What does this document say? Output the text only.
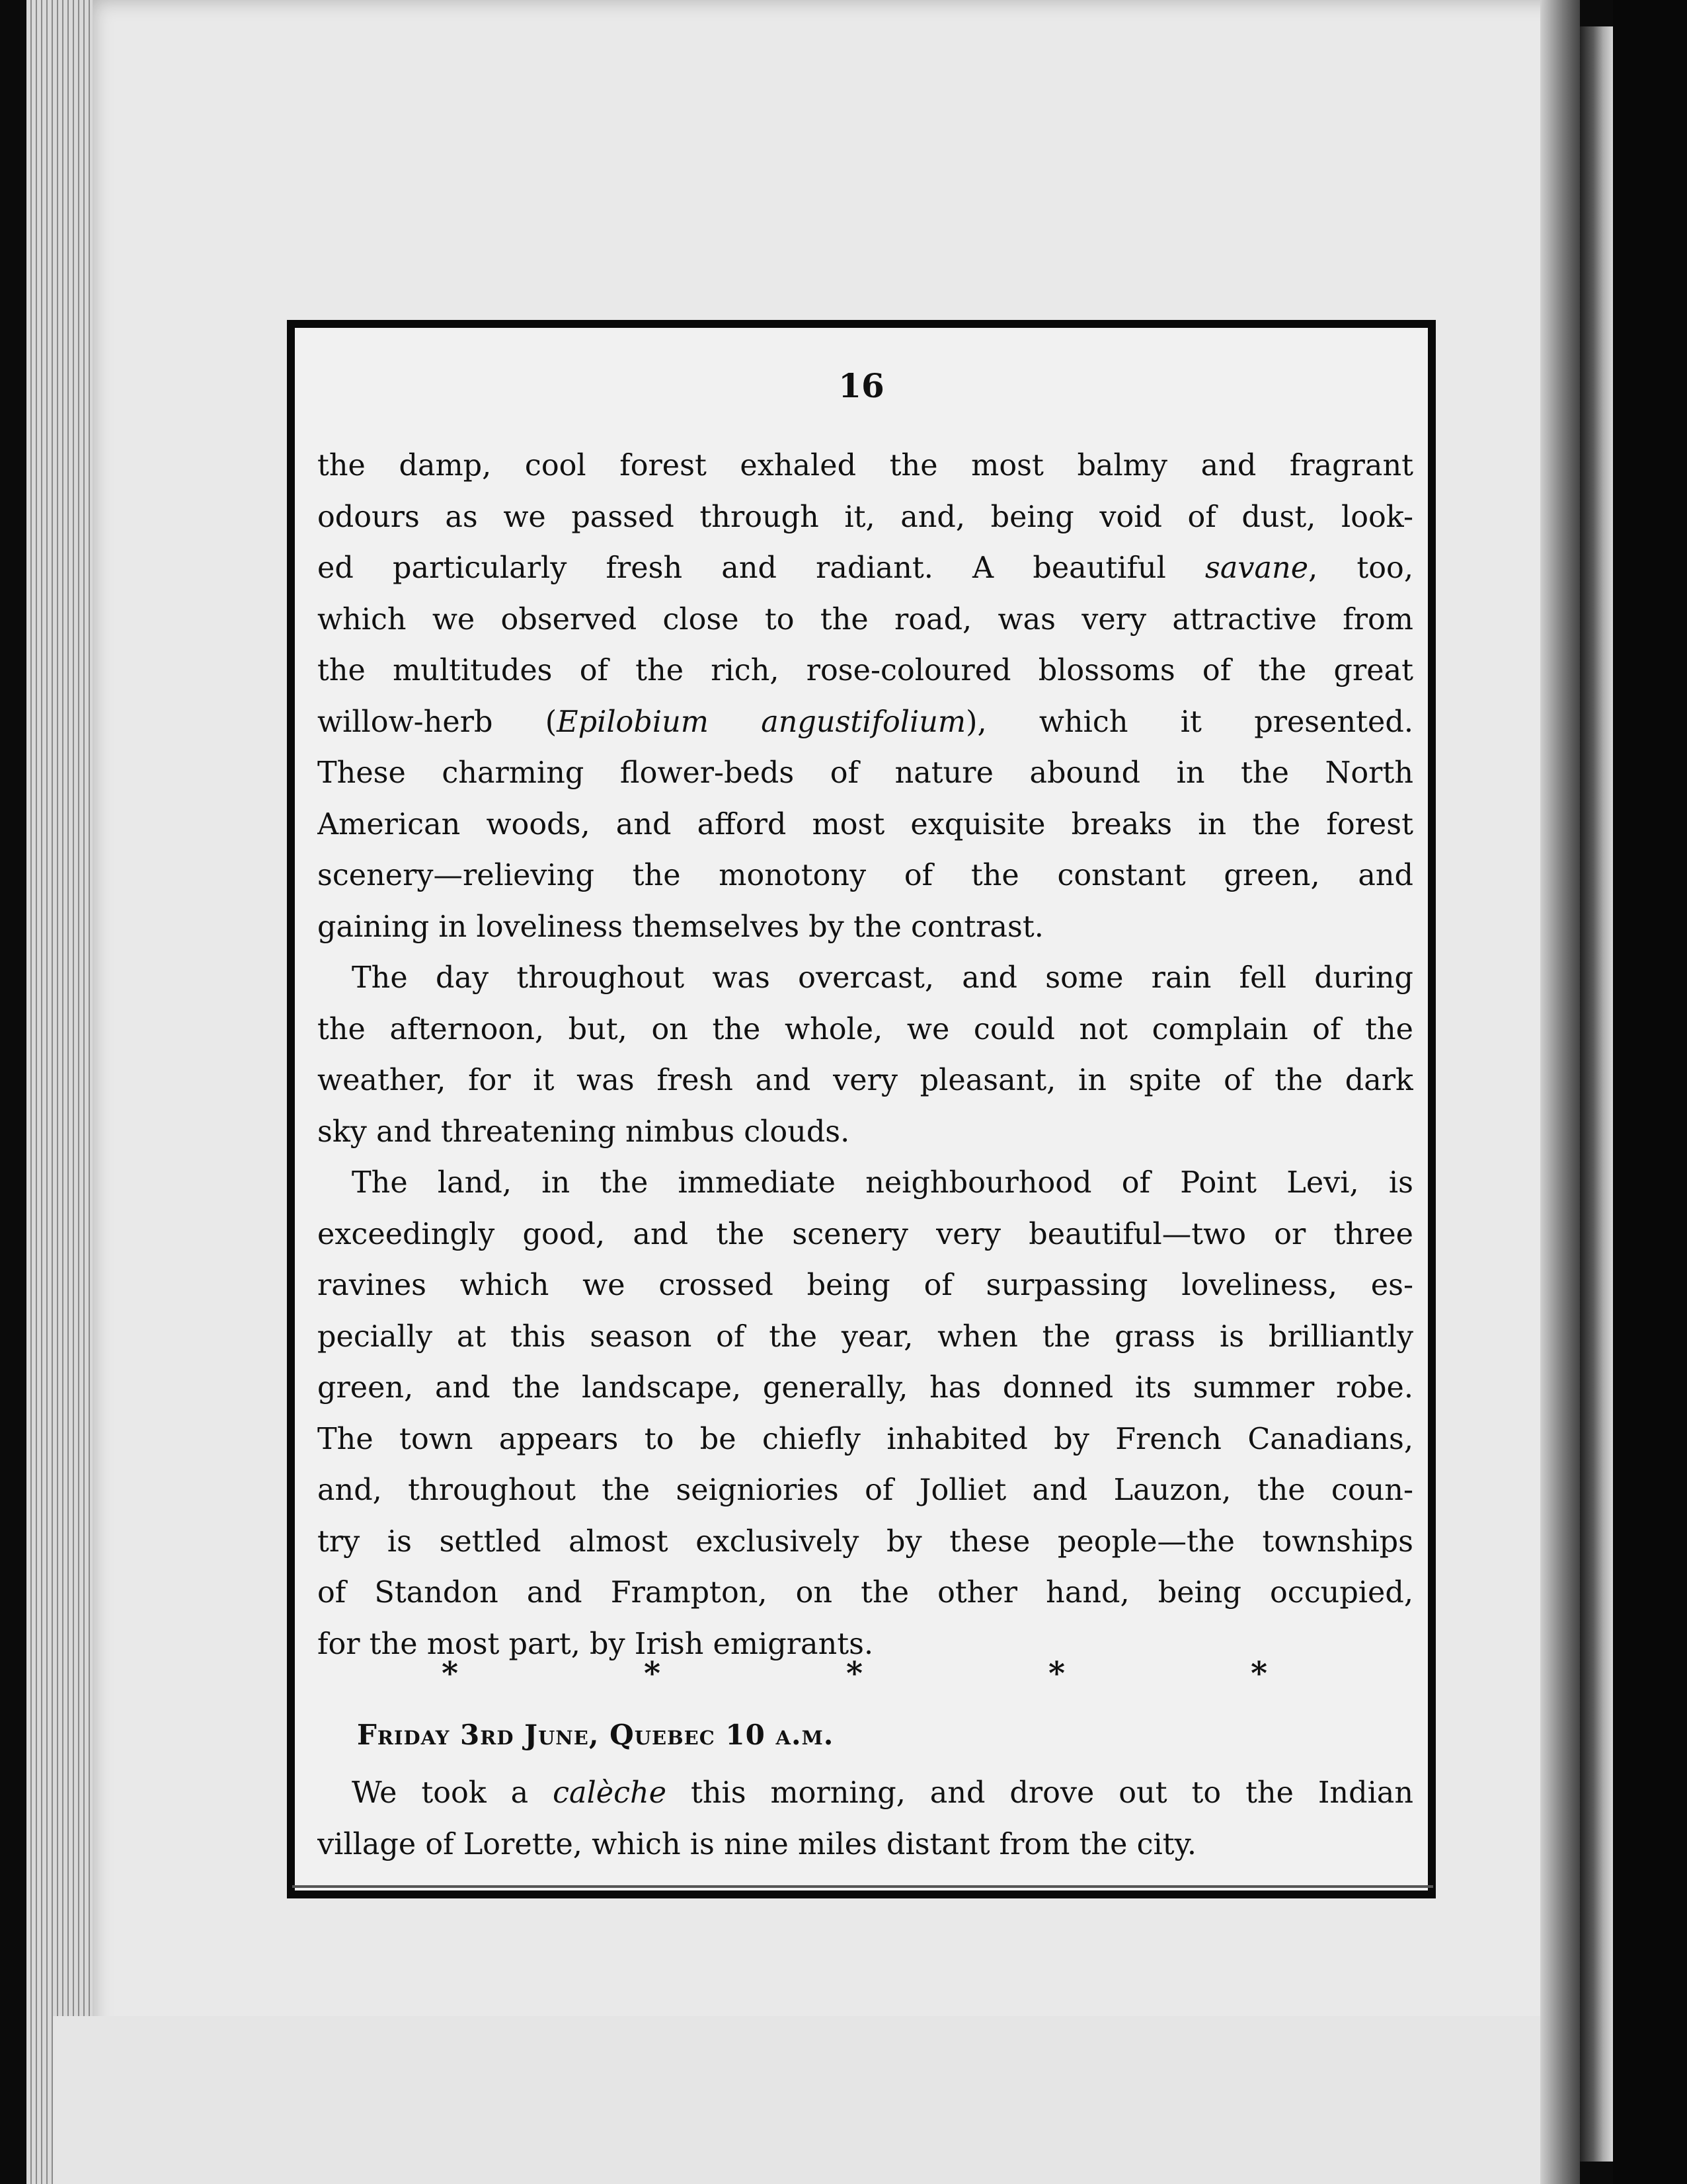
16
the damp, cool forest exhaled the most balmy and fragrant
odours as we passed through it, and, being void of dust, look-
ed particularly fresh and radiant. A beautiful savane, too,
which we observed close to the road, was very attractive from
the multitudes of the rich, rose-coloured blossoms of the great
willow-herb (Epilobium angustifolium), which it presented.
These charming flower-beds of nature abound in the North
American woods, and afford most exquisite breaks in the forest
scenery—relieving the monotony of the constant green, and
gaining in loveliness themselves by the contrast.
The day throughout was overcast, and some rain fell during
the afternoon, but, on the whole, we could not complain of the
weather, for it was fresh and very pleasant, in spite of the dark
sky and threatening nimbus clouds.
The land, in the immediate neighbourhood of Point Levi, is
exceedingly good, and the scenery very beautiful—two or three
ravines which we crossed being of surpassing loveliness, es-
pecially at this season of the year, when the grass is brilliantly
green, and the landscape, generally, has donned its summer robe.
The town appears to be chiefly inhabited by French Canadians,
and, throughout the seigniories of Jolliet and Lauzon, the coun-
try is settled almost exclusively by these people—the townships
of Standon and Frampton, on the other hand, being occupied,
for the most part, by Irish emigrants.
*	*	*	*	*
Friday 3rd June, Quebec 10 a.m.
We took a calèche this morning, and drove out to the Indian
village of Lorette, which is nine miles distant from the city.
